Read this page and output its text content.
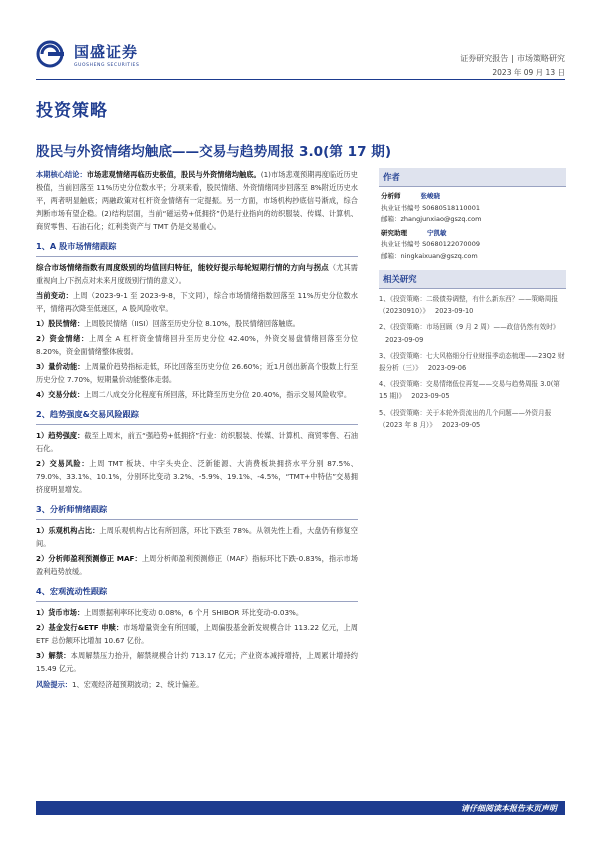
国盛证券
GUOSHENG SECURITIES
证券研究报告 | 市场策略研究
2023 年 09 月 13 日
投资策略
股民与外资情绪均触底——交易与趋势周报 3.0(第 17 期)
本期核心结论：市场悲观情绪再临历史极值，股民与外资情绪均触底。(1)市场悲观预期再度临近历史极值，当前回落至 11%历史分位数水平；分项来看，股民情绪、外资情绪同步回落至 8%附近历史水平，两者明显触底；两融政策对杠杆资金情绪有一定提振。另一方面，市场机构抄底信号渐成，综合判断市场有望企稳。(2)结构层面，当前“磁运势+低拥挤”仍是行业指向的纺织服装、传媒、计算机、商贸零售、石油石化；红利类资产与 TMT 仍是交易重心。
1、A 股市场情绪跟踪
综合市场情绪指数有周度级别的均值回归特征，能较好提示每轮短期行情的方向与拐点（尤其需重视向上/下拐点对未来月度级别行情的意义）。
当前变动：上周（2023-9-1 至 2023-9-8，下文同），综合市场情绪指数回落至 11%历史分位数水平，情绪再次降至低迷区，A 股风险收窄。
1）股民情绪：上周股民情绪（IISI）回落至历史分位 8.10%，股民情绪回落触底。
2）资金情绪：上周全 A 杠杆资金情绪回升至历史分位 42.40%，外资交易盘情绪回落至分位 8.20%，资金面情绪整体疲弱。
3）量价动能：上周量价趋势指标走低，环比回落至历史分位 26.60%；近1月创出新高个股数上行至历史分位 7.70%，短期量价动能整体走弱。
4）交易分歧：上周二八成交分化程度有所回落，环比降至历史分位 20.40%，指示交易风险收窄。
2、趋势强度&交易风险跟踪
1）趋势强度：截至上周末，前五“强趋势+低拥挤”行业：纺织服装、传媒、计算机、商贸零售、石油石化。
2）交易风险：上周 TMT 板块、中字头央企、泛新能源、大消费板块拥挤水平分别 87.5%、79.0%、33.1%、10.1%，分别环比变动 3.2%、-5.9%、19.1%、-4.5%，“TMT+中特估”交易拥挤度明显增发。
3、分析师情绪跟踪
1）乐观机构占比：上周乐观机构占比有所回落，环比下跌至 78%。从领先性上看，大盘仍有修复空间。
2）分析师盈利预测修正 MAF：上周分析师盈利预测修正（MAF）指标环比下跌-0.83%，指示市场盈利趋势放缓。
4、宏观流动性跟踪
1）货币市场：上周票据利率环比变动 0.08%，6 个月 SHIBOR 环比变动-0.03%。
2）基金发行&ETF 申赎：市场增量资金有所回暖，上周偏股基金新发规模合计 113.22 亿元，上周 ETF 总份额环比增加 10.67 亿份。
3）解禁：本周解禁压力抬升，解禁规模合计约 713.17 亿元；产业资本减持增持，上周累计增持约 15.49 亿元。
风险提示：1、宏观经济超预期波动；2、统计偏差。
作者
分析师	张峻晓
执业证书编号 S0680518110001
邮箱：zhangjunxiao@gszq.com
研究助理	宁凯敏
执业证书编号 S0680122070009
邮箱：ningkaixuan@gszq.com
相关研究
1、《投资策略：二级债券调整，有什么新东西？——策略周报（20230910）》 2023-09-10
2、《投资策略：市场回顾（9 月 2 周）——政信仍然有效时》2023-09-09
3、《投资策略：七大风格细分行业财报季动态梳理——23Q2 财报分析（三）》 2023-09-06
4、《投资策略：交易情绪低位再复——交易与趋势周报 3.0(第 15 期)》 2023-09-05
5、《投资策略：关于本轮外资流出的几个问题——外资月报（2023 年 8 月）》 2023-09-05
请仔细阅读本报告末页声明
